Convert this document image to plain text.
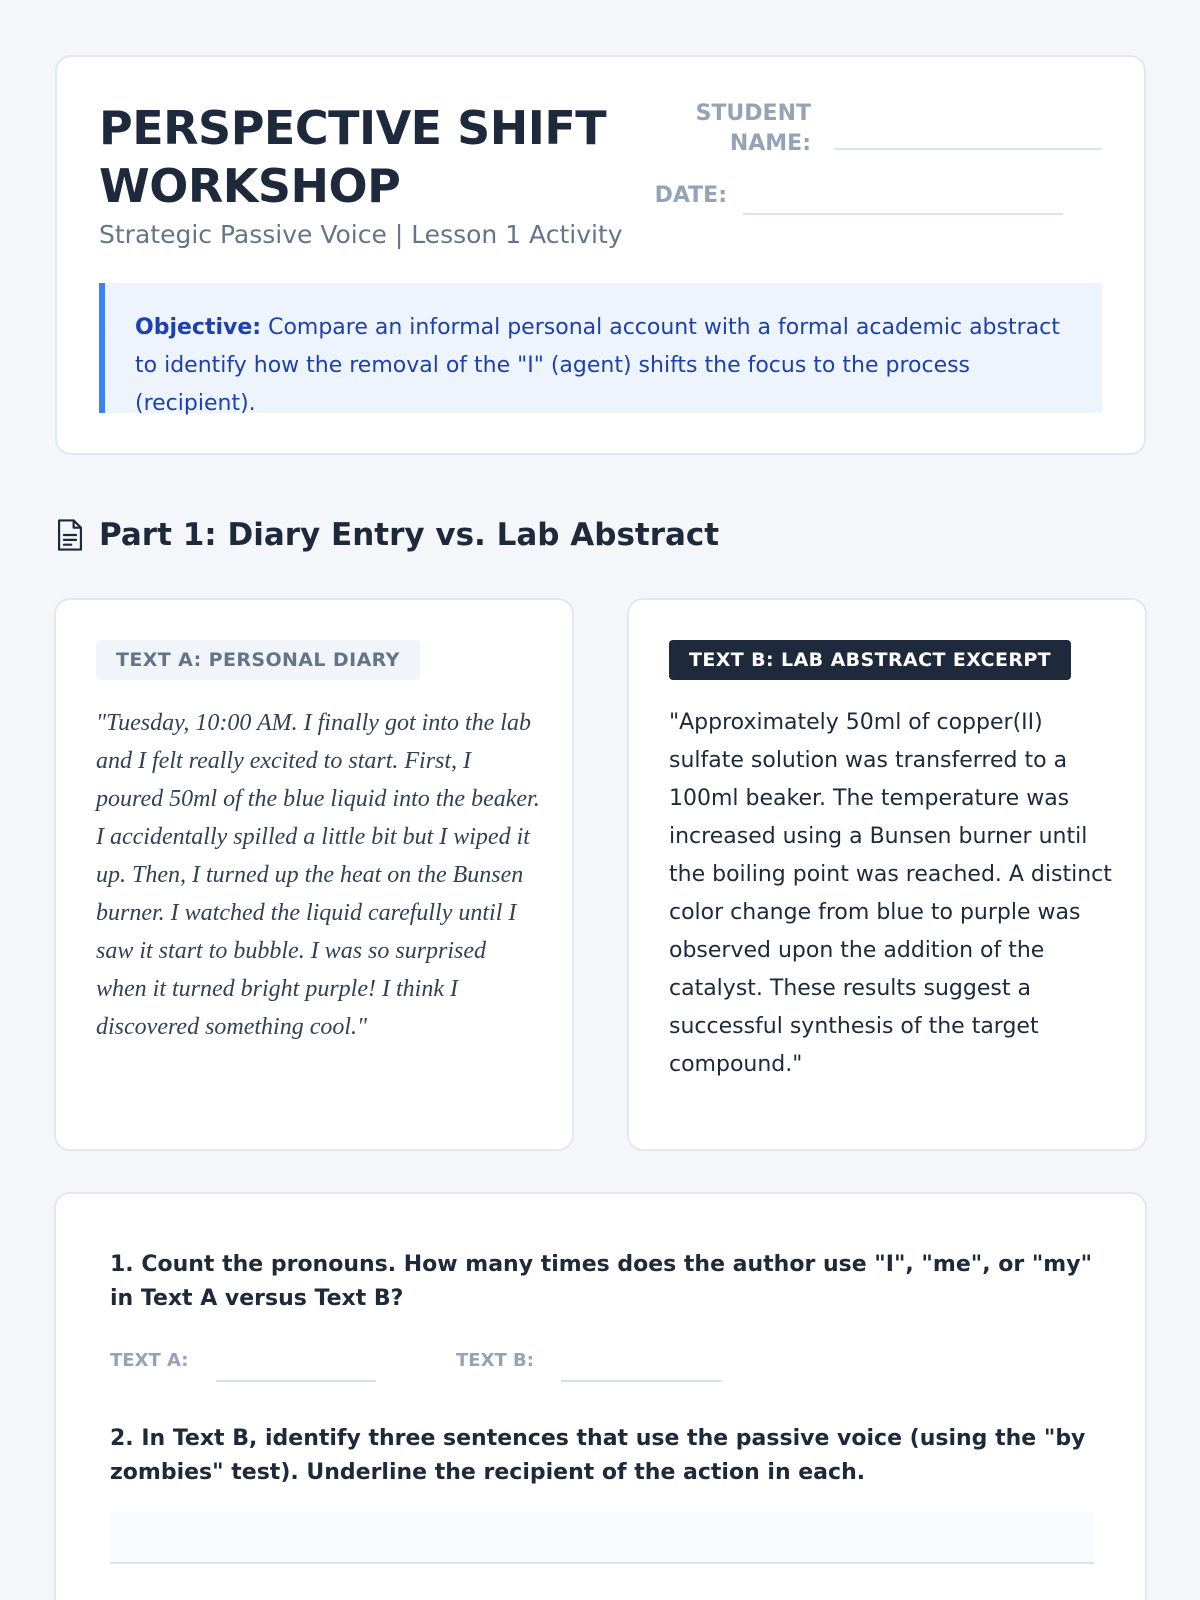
PERSPECTIVE SHIFT WORKSHOP
Strategic Passive Voice | Lesson 1 Activity
STUDENT NAME:
DATE:
Objective: Compare an informal personal account with a formal academic abstract to identify how the removal of the "I" (agent) shifts the focus to the process (recipient).
Part 1: Diary Entry vs. Lab Abstract
TEXT A: PERSONAL DIARY

"Tuesday, 10:00 AM. I finally got into the lab and I felt really excited to start. First, I poured 50ml of the blue liquid into the beaker. I accidentally spilled a little bit but I wiped it up. Then, I turned up the heat on the Bunsen burner. I watched the liquid carefully until I saw it start to bubble. I was so surprised when it turned bright purple! I think I discovered something cool."

TEXT B: LAB ABSTRACT EXCERPT

"Approximately 50ml of copper(II) sulfate solution was transferred to a 100ml beaker. The temperature was increased using a Bunsen burner until the boiling point was reached. A distinct color change from blue to purple was observed upon the addition of the catalyst. These results suggest a successful synthesis of the target compound."

1. Count the pronouns. How many times does the author use "I", "me", or "my" in Text A versus Text B?

TEXT A:	TEXT B:

2. In Text B, identify three sentences that use the passive voice (using the "by zombies" test). Underline the recipient of the action in each.
